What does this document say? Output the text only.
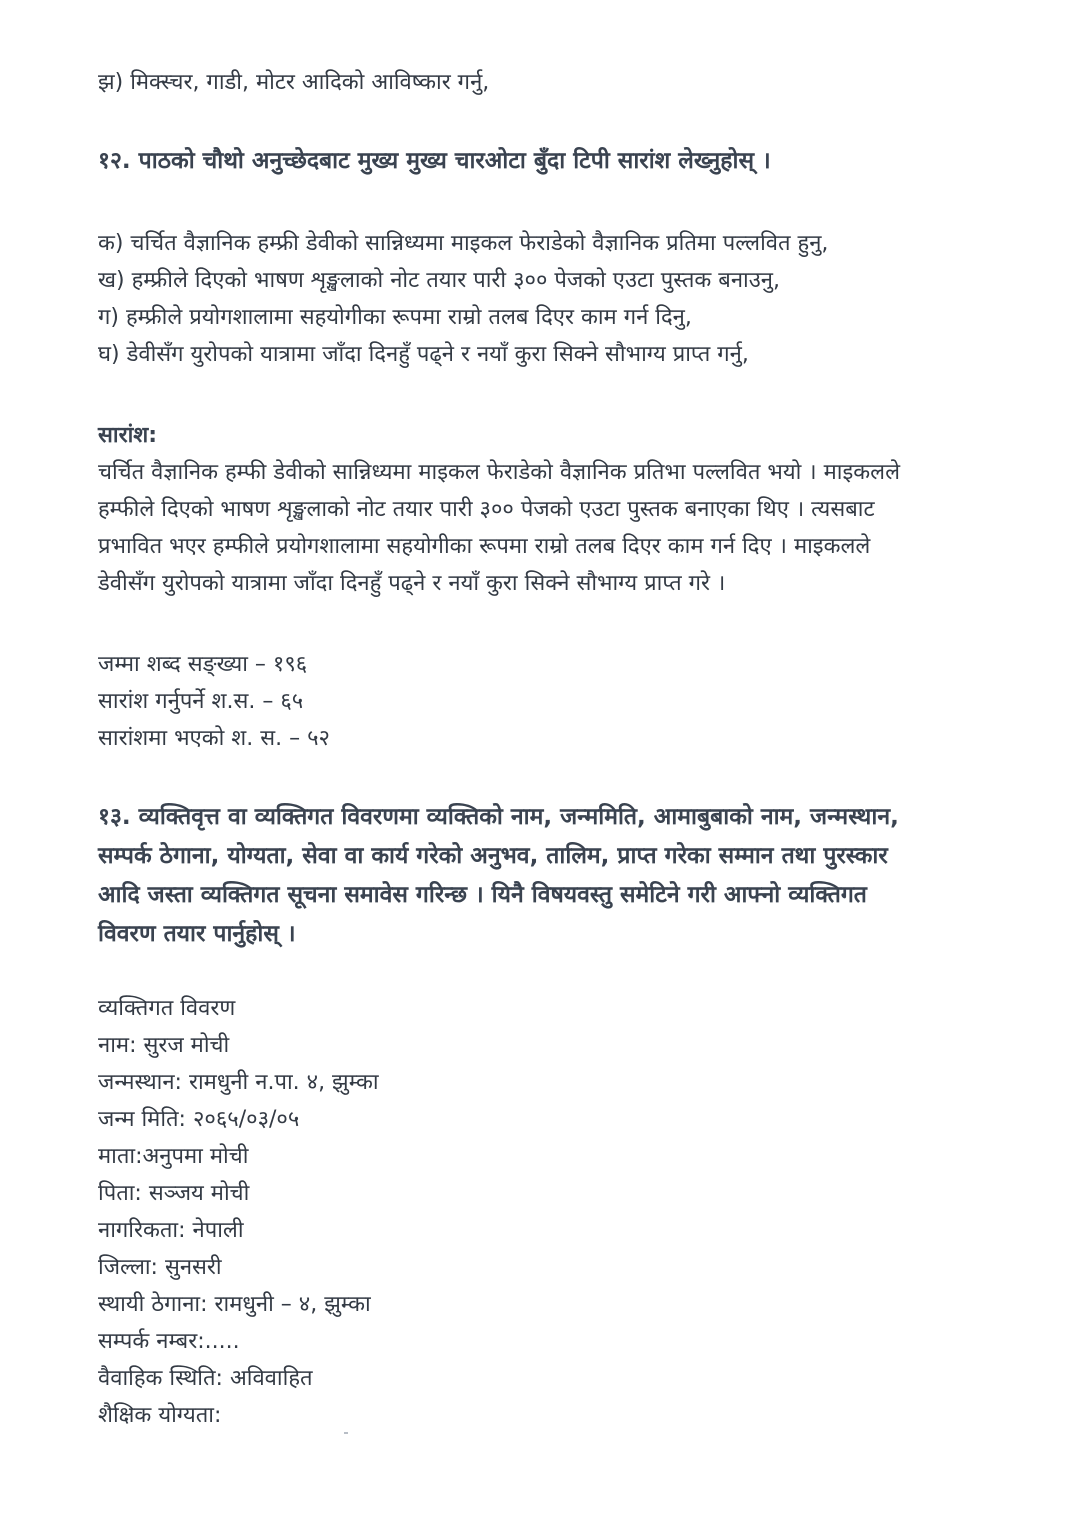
झ) मिक्स्चर, गाडी, मोटर आदिको आविष्कार गर्नु,

१२. पाठको चौथो अनुच्छेदबाट मुख्य मुख्य चारओटा बुँदा टिपी सारांश लेख्नुहोस् ।

क) चर्चित वैज्ञानिक हम्फ्री डेवीको सान्निध्यमा माइकल फेराडेको वैज्ञानिक प्रतिमा पल्लवित हुनु,

ख) हम्फ्रीले दिएको भाषण शृङ्खलाको नोट तयार पारी ३०० पेजको एउटा पुस्तक बनाउनु,

ग) हम्फ्रीले प्रयोगशालामा सहयोगीका रूपमा राम्रो तलब दिएर काम गर्न दिनु,

घ) डेवीसँग युरोपको यात्रामा जाँदा दिनहुँ पढ्ने र नयाँ कुरा सिक्ने सौभाग्य प्राप्त गर्नु,

सारांश:

चर्चित वैज्ञानिक हम्फी डेवीको सान्निध्यमा माइकल फेराडेको वैज्ञानिक प्रतिभा पल्लवित भयो । माइकलले

हम्फीले दिएको भाषण शृङ्खलाको नोट तयार पारी ३०० पेजको एउटा पुस्तक बनाएका थिए । त्यसबाट

प्रभावित भएर हम्फीले प्रयोगशालामा सहयोगीका रूपमा राम्रो तलब दिएर काम गर्न दिए । माइकलले

डेवीसँग युरोपको यात्रामा जाँदा दिनहुँ पढ्ने र नयाँ कुरा सिक्ने सौभाग्य प्राप्त गरे ।

जम्मा शब्द सङ्ख्या – १९६

सारांश गर्नुपर्ने श.स. – ६५

सारांशमा भएको श. स. – ५२

१३. व्यक्तिवृत्त वा व्यक्तिगत विवरणमा व्यक्तिको नाम, जन्ममिति, आमाबुबाको नाम, जन्मस्थान,

सम्पर्क ठेगाना, योग्यता, सेवा वा कार्य गरेको अनुभव, तालिम, प्राप्त गरेका सम्मान तथा पुरस्कार

आदि जस्ता व्यक्तिगत सूचना समावेस गरिन्छ । यिनै विषयवस्तु समेटिने गरी आफ्नो व्यक्तिगत

विवरण तयार पार्नुहोस् ।

व्यक्तिगत विवरण

नाम: सुरज मोची

जन्मस्थान: रामधुनी न.पा. ४, झुम्का

जन्म मिति: २०६५/०३/०५

माता:अनुपमा मोची

पिता: सञ्जय मोची

नागरिकता: नेपाली

जिल्ला: सुनसरी

स्थायी ठेगाना: रामधुनी – ४, झुम्का

सम्पर्क नम्बर:.....

वैवाहिक स्थिति: अविवाहित

शैक्षिक योग्यता:
